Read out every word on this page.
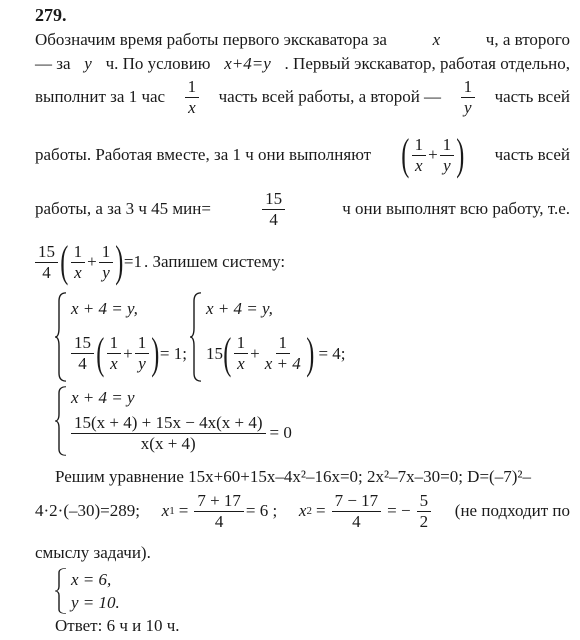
279.
Обозначим время работы первого экскаватора за	x	ч, а второго
— за y ч. По условию x+4=y . Первый экскаватор, работая отдельно,
выполнит за 1 час $\frac{1}{x}$ часть всей работы, а второй — $\frac{1}{y}$ часть всей
работы. Работая вместе, за 1 ч они выполняют ( $\frac{1}{x} + \frac{1}{y}$ ) часть всей
работы, а за 3 ч 45 мин=	$\frac{15}{4}$	ч они выполнят всю работу, т.е.
$\frac{15}{4}$ ( $\frac{1}{x} + \frac{1}{y}$ ) =1 . Запишем систему:
x + 4 = y,
$\frac{15}{4}$ ( $\frac{1}{x} + \frac{1}{y}$ ) = 1;
x + 4 = y,
15 ( $\frac{1}{x} + \frac{1}{x + 4}$ ) = 4;
x + 4 = y
$\frac{15(x + 4) + 15x - 4x(x + 4)}{x(x + 4)} = 0$
Решим уравнение 15x+60+15x–4x²–16x=0; 2x²–7x–30=0; D=(–7)²–
4·2·(–30)=289; x $1 = \frac{7 + 17}{4} = 6$ ; x $2 = \frac{7 - 17}{4}$ = − $\frac{5}{2} (не$ подходит по
смыслу задачи).
x = 6,
y = 10.
Ответ: 6 ч и 10 ч.
